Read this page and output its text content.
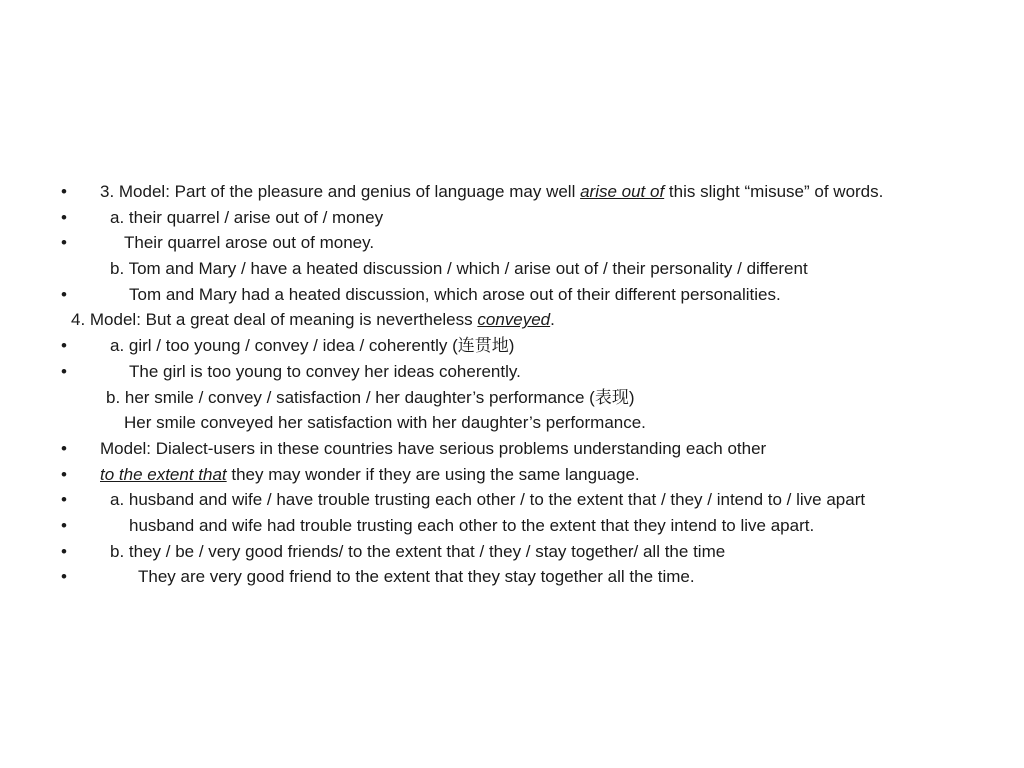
•	3. Model: Part of the pleasure and genius of language may well arise out of this slight “misuse” of words.
•	a. their quarrel / arise out of / money
•	Their quarrel arose out of money.
b. Tom and Mary / have a heated discussion / which / arise out of / their personality / different
•	Tom and Mary had a heated discussion, which arose out of their different personalities.
4. Model: But a great deal of meaning is nevertheless conveyed.
•	a. girl / too young / convey / idea / coherently (连贯地)
•	The girl is too young to convey her ideas coherently.
b. her smile / convey / satisfaction / her daughter’s performance (表现)
Her smile conveyed her satisfaction with her daughter’s performance.
•	Model: Dialect-users in these countries have serious problems understanding each other
•	to the extent that they may wonder if they are using the same language.
•	a. husband and wife / have trouble trusting each other / to the extent that / they / intend to / live apart
•	husband and wife had trouble trusting each other to the extent that they intend to live apart.
•	b. they / be / very good friends/ to the extent that / they / stay together/ all the time
•	They are very good friend to the extent that they stay together all the time.
